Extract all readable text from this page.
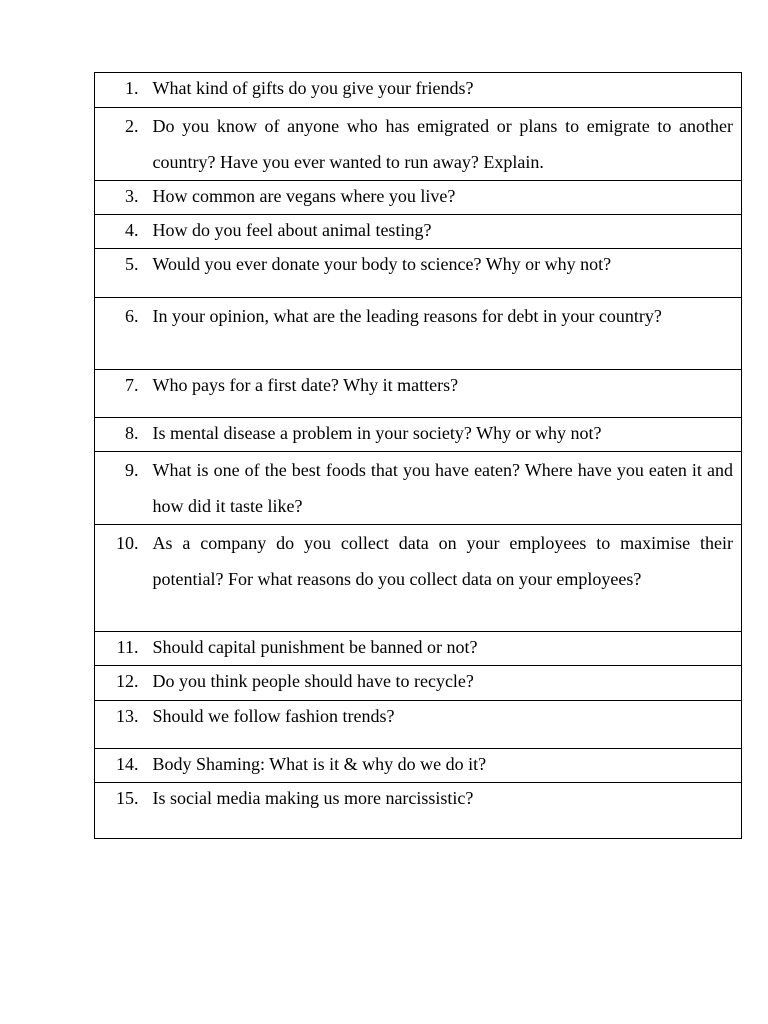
1.	What kind of gifts do you give your friends?

2.	Do you know of anyone who has emigrated or plans to emigrate to another country? Have you ever wanted to run away? Explain.

3.	How common are vegans where you live?

4.	How do you feel about animal testing?

5.	Would you ever donate your body to science? Why or why not?

6.	In your opinion, what are the leading reasons for debt in your country?

7.	Who pays for a first date? Why it matters?

8.	Is mental disease a problem in your society? Why or why not?

9.	What is one of the best foods that you have eaten? Where have you eaten it and how did it taste like?

10.	As a company do you collect data on your employees to maximise their potential? For what reasons do you collect data on your employees?

11.	Should capital punishment be banned or not?

12.	Do you think people should have to recycle?

13.	Should we follow fashion trends?

14.	Body Shaming: What is it & why do we do it?

15.	Is social media making us more narcissistic?
